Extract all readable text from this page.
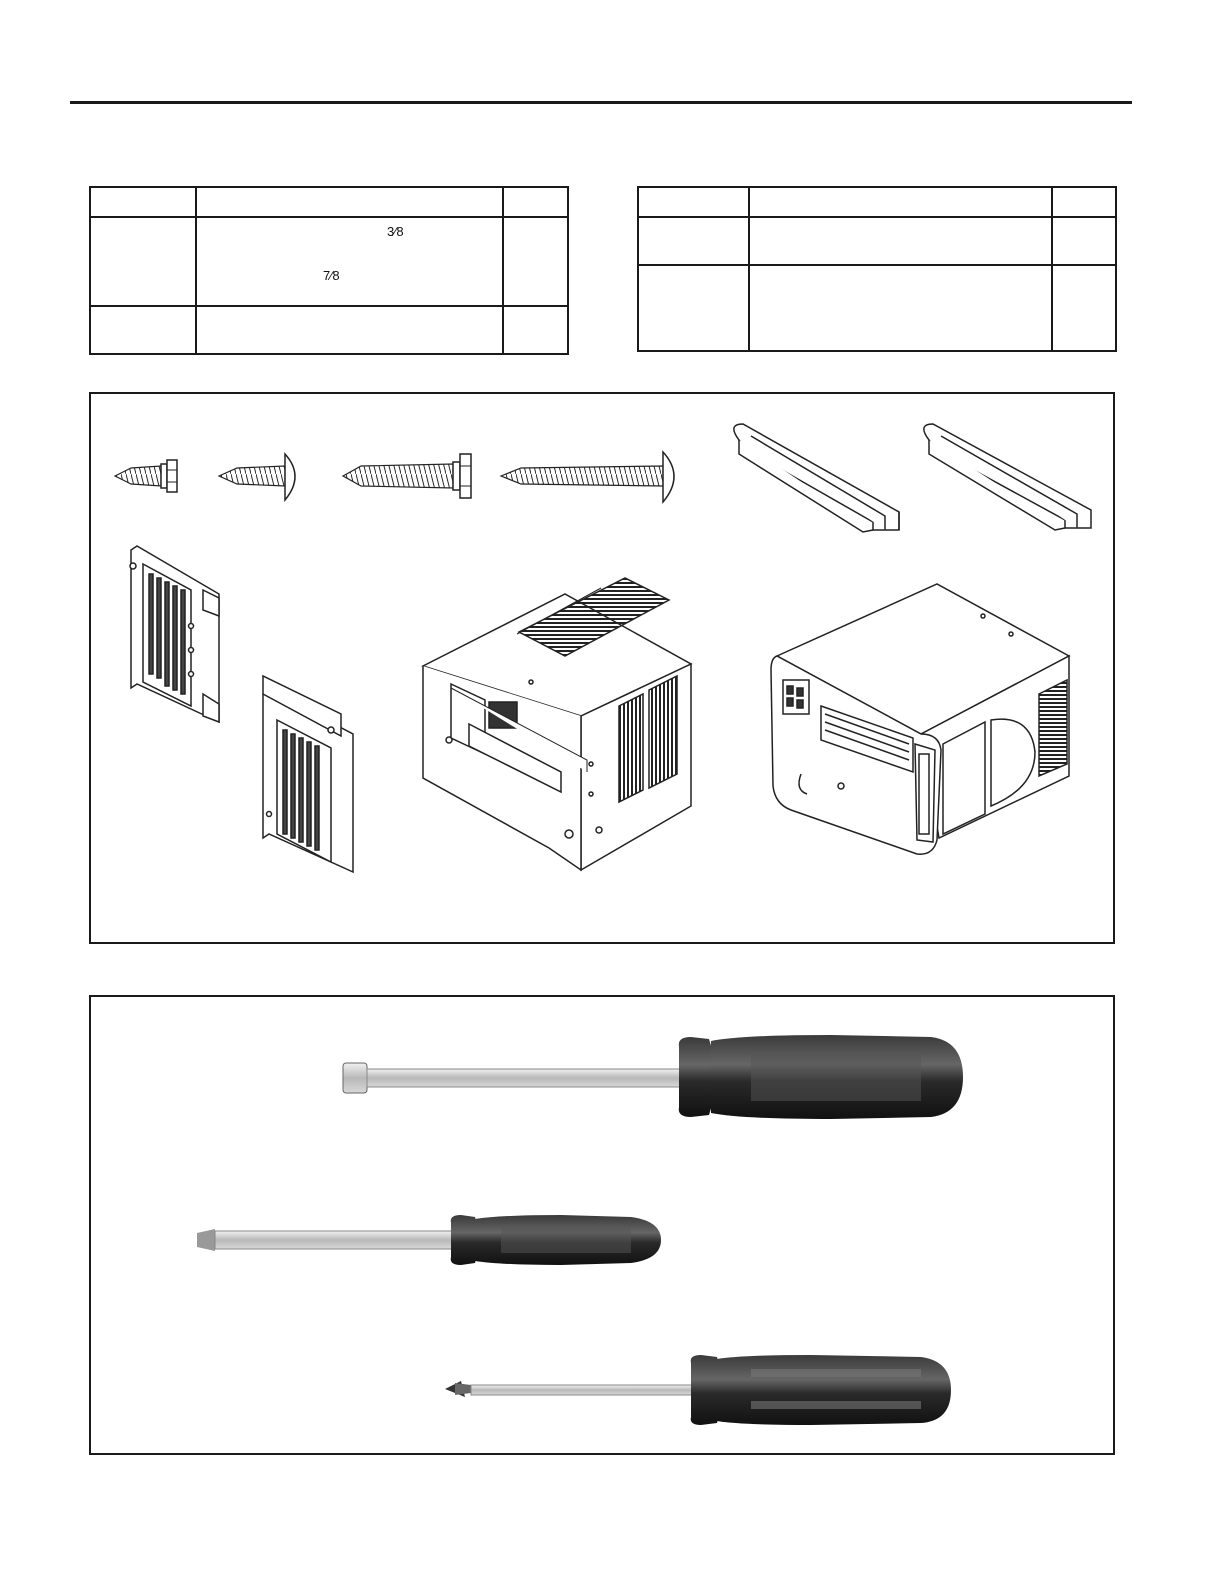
	3⁄8
7⁄8	
